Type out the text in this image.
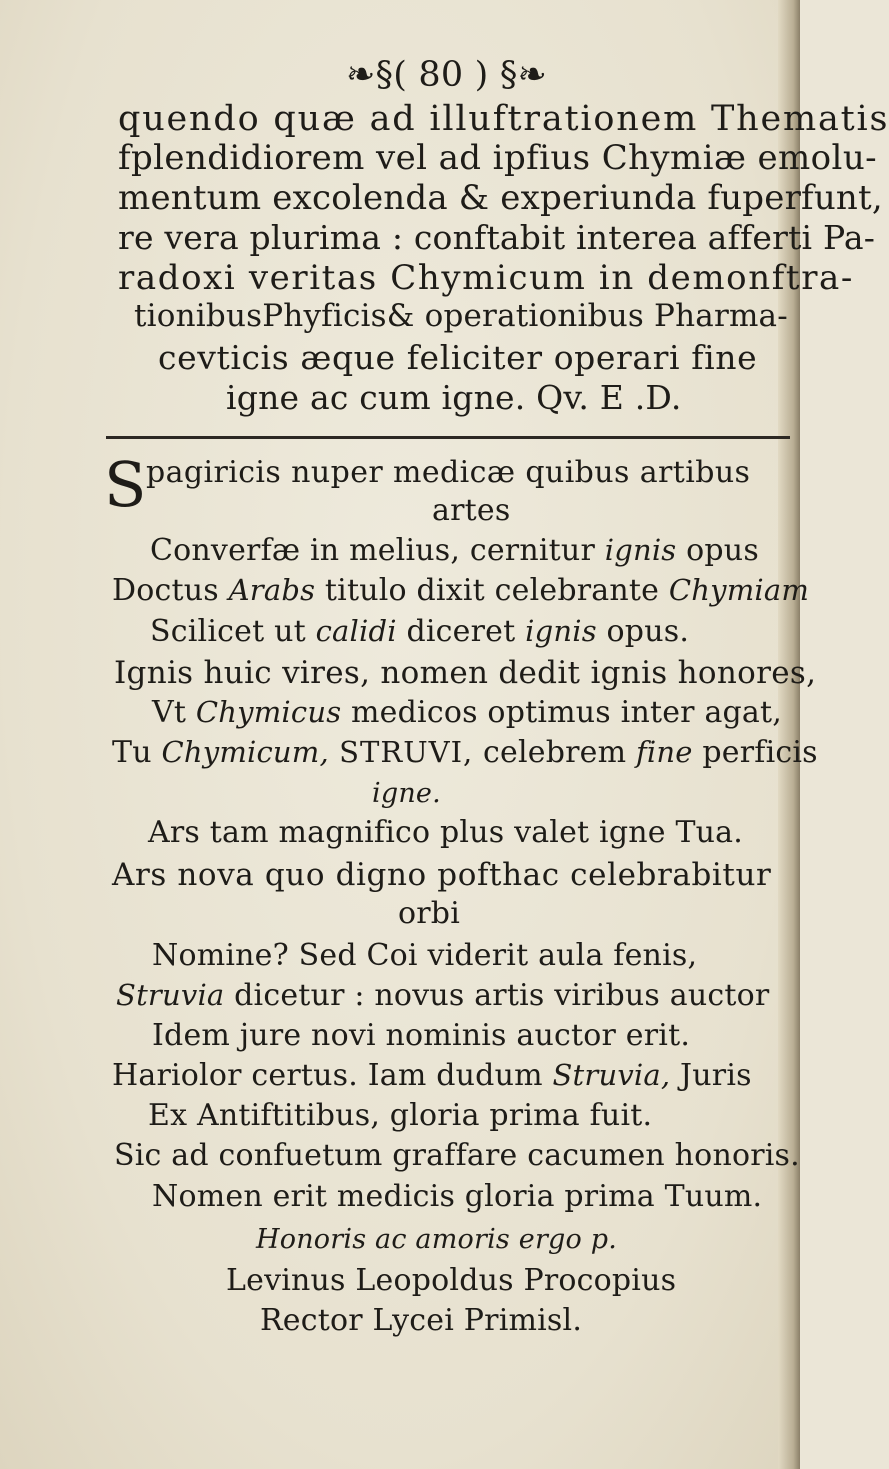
❧§( 80 ) §❧
quendo quæ ad illuftrationem Thematis
fplendidiorem vel ad ipfius Chymiæ emolu-
mentum excolenda & experiunda fuperfunt,
re vera plurima : conftabit interea afferti Pa-
radoxi veritas Chymicum in demonftra-
tionibusPhyficis& operationibus Pharma-
cevticis æque feliciter operari fine
igne ac cum igne. Qv. E .D.
S pagiricis nuper medicæ quibus artibus
artes
Converfæ in melius, cernitur ignis opus
Doctus Arabs titulo dixit celebrante Chymiam
Scilicet ut calidi diceret ignis opus.
Ignis huic vires, nomen dedit ignis honores,
Vt Chymicus medicos optimus inter agat,
Tu Chymicum, STRUVI, celebrem fine perficis
igne.
Ars tam magnifico plus valet igne Tua.
Ars nova quo digno pofthac celebrabitur
orbi
Nomine? Sed Coi viderit aula fenis,
Struvia dicetur : novus artis viribus auctor
Idem jure novi nominis auctor erit.
Hariolor certus. Iam dudum Struvia, Juris
Ex Antiftitibus, gloria prima fuit.
Sic ad confuetum graffare cacumen honoris.
Nomen erit medicis gloria prima Tuum.
Honoris ac amoris ergo p.
Levinus Leopoldus Procopius
Rector Lycei Primisl.
